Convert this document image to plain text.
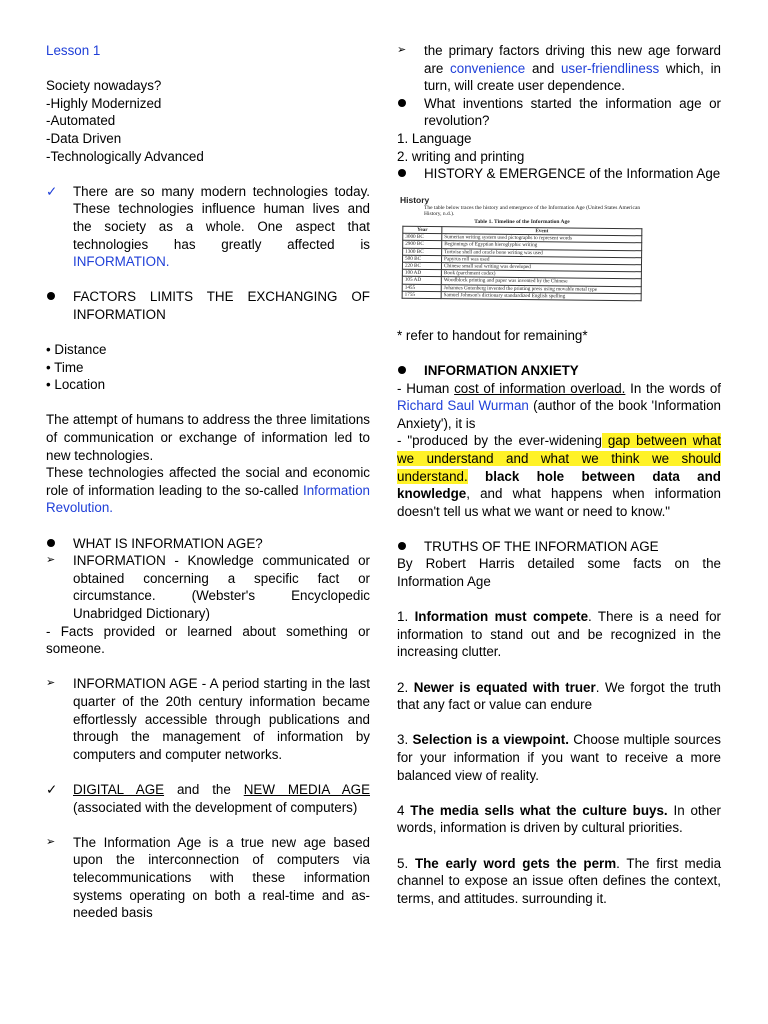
Lesson 1

Society nowadays?

-Highly Modernized

-Automated

-Data Driven

-Technologically Advanced

✓	There are so many modern technologies today. These technologies influence human lives and the society as a whole. One aspect that technologies has greatly affected is INFORMATION.
FACTORS LIMITS THE EXCHANGING OF INFORMATION

• Distance

• Time

• Location

The attempt of humans to address the three limitations of communication or exchange of information led to new technologies.

These technologies affected the social and economic role of information leading to the so-called Information Revolution.

WHAT IS INFORMATION AGE?
➢	INFORMATION - Knowledge communicated or obtained concerning a specific fact or circumstance. (Webster's Encyclopedic Unabridged Dictionary)

- Facts provided or learned about something or someone.

➢	INFORMATION AGE - A period starting in the last quarter of the 20th century information became effortlessly accessible through publications and through the management of information by computers and computer networks.
✓	DIGITAL AGE and the NEW MEDIA AGE (associated with the development of computers)
➢	The Information Age is a true new age based upon the interconnection of computers via telecommunications with these information systems operating on both a real-time and as-needed basis
➢	the primary factors driving this new age forward are convenience and user-friendliness which, in turn, will create user dependence.
What inventions started the information age or revolution?

1. Language

2. writing and printing

HISTORY & EMERGENCE of the Information Age
History
The table below traces the history and emergence of the Information Age (United States American History, n.d.).
Table 1. Timeline of the Information Age
Year	Event
3000 BC	Sumerian writing system used pictographs to represent words
2900 BC	Beginnings of Egyptian hieroglyphic writing
1300 BC	Tortoise shell and oracle bone writing was used
500 BC	Papyrus roll was used
220 BC	Chinese small seal writing was developed
100 AD	Book (parchment codex)
105 AD	Woodblock printing and paper was invented by the Chinese
1455	Johannes Gutenberg invented the printing press using movable metal type
1755	Samuel Johnson's dictionary standardized English spelling

* refer to handout for remaining*

INFORMATION ANXIETY

- Human cost of information overload. In the words of Richard Saul Wurman (author of the book 'Information Anxiety'), it is

- "produced by the ever-widening gap between what we understand and what we think we should understand. black hole between data and knowledge, and what happens when information doesn't tell us what we want or need to know."

TRUTHS OF THE INFORMATION AGE

By Robert Harris detailed some facts on the Information Age

1. Information must compete. There is a need for information to stand out and be recognized in the increasing clutter.

2. Newer is equated with truer. We forgot the truth that any fact or value can endure

3. Selection is a viewpoint. Choose multiple sources for your information if you want to receive a more balanced view of reality.

4 The media sells what the culture buys. In other words, information is driven by cultural priorities.

5. The early word gets the perm. The first media channel to expose an issue often defines the context, terms, and attitudes. surrounding it.
